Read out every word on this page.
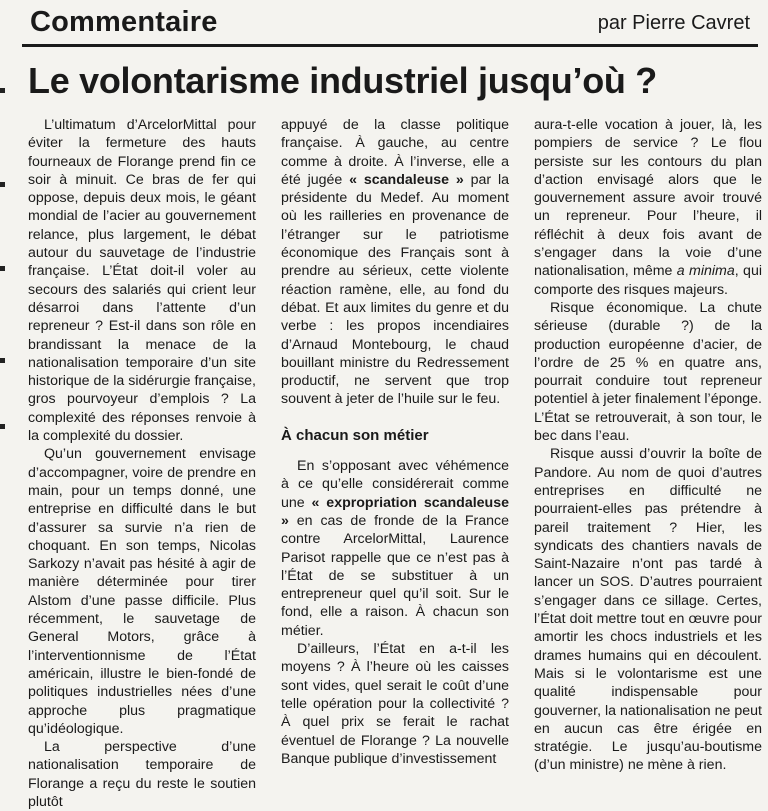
Commentaire	par Pierre Cavret
Le volontarisme industriel jusqu’où ?

L’ultimatum d’ArcelorMittal pour éviter la fermeture des hauts fourneaux de Florange prend fin ce soir à minuit. Ce bras de fer qui oppose, depuis deux mois, le géant mondial de l’acier au gouvernement relance, plus largement, le débat autour du sauvetage de l’industrie française. L’État doit-il voler au secours des salariés qui crient leur désarroi dans l’attente d’un repreneur ? Est-il dans son rôle en brandissant la menace de la nationalisation temporaire d’un site historique de la sidérurgie française, gros pourvoyeur d’emplois ? La complexité des réponses renvoie à la complexité du dossier.

Qu’un gouvernement envisage d’accompagner, voire de prendre en main, pour un temps donné, une entreprise en difficulté dans le but d’assurer sa survie n’a rien de choquant. En son temps, Nicolas Sarkozy n’avait pas hésité à agir de manière déterminée pour tirer Alstom d’une passe difficile. Plus récemment, le sauvetage de General Motors, grâce à l’interventionnisme de l’État américain, illustre le bien-fondé de politiques industrielles nées d’une approche plus pragmatique qu’idéologique.

La perspective d’une nationalisation temporaire de Florange a reçu du reste le soutien plutôt

appuyé de la classe politique française. À gauche, au centre comme à droite. À l’inverse, elle a été jugée « scandaleuse » par la présidente du Medef. Au moment où les railleries en provenance de l’étranger sur le patriotisme économique des Français sont à prendre au sérieux, cette violente réaction ramène, elle, au fond du débat. Et aux limites du genre et du verbe : les propos incendiaires d’Arnaud Montebourg, le chaud bouillant ministre du Redressement productif, ne servent que trop souvent à jeter de l’huile sur le feu.

À chacun son métier

En s’opposant avec véhémence à ce qu’elle considérerait comme une « expropriation scandaleuse » en cas de fronde de la France contre ArcelorMittal, Laurence Parisot rappelle que ce n’est pas à l’État de se substituer à un entrepreneur quel qu’il soit. Sur le fond, elle a raison. À chacun son métier.

D’ailleurs, l’État en a-t-il les moyens ? À l’heure où les caisses sont vides, quel serait le coût d’une telle opération pour la collectivité ? À quel prix se ferait le rachat éventuel de Florange ? La nouvelle Banque publique d’investissement

aura-t-elle vocation à jouer, là, les pompiers de service ? Le flou persiste sur les contours du plan d’action envisagé alors que le gouvernement assure avoir trouvé un repreneur. Pour l’heure, il réfléchit à deux fois avant de s’engager dans la voie d’une nationalisation, même a minima, qui comporte des risques majeurs.

Risque économique. La chute sérieuse (durable ?) de la production européenne d’acier, de l’ordre de 25 % en quatre ans, pourrait conduire tout repreneur potentiel à jeter finalement l’éponge. L’État se retrouverait, à son tour, le bec dans l’eau.

Risque aussi d’ouvrir la boîte de Pandore. Au nom de quoi d’autres entreprises en difficulté ne pourraient-elles pas prétendre à pareil traitement ? Hier, les syndicats des chantiers navals de Saint-Nazaire n’ont pas tardé à lancer un SOS. D’autres pourraient s’engager dans ce sillage. Certes, l’État doit mettre tout en œuvre pour amortir les chocs industriels et les drames humains qui en découlent. Mais si le volontarisme est une qualité indispensable pour gouverner, la nationalisation ne peut en aucun cas être érigée en stratégie. Le jusqu’au-boutisme (d’un ministre) ne mène à rien.
